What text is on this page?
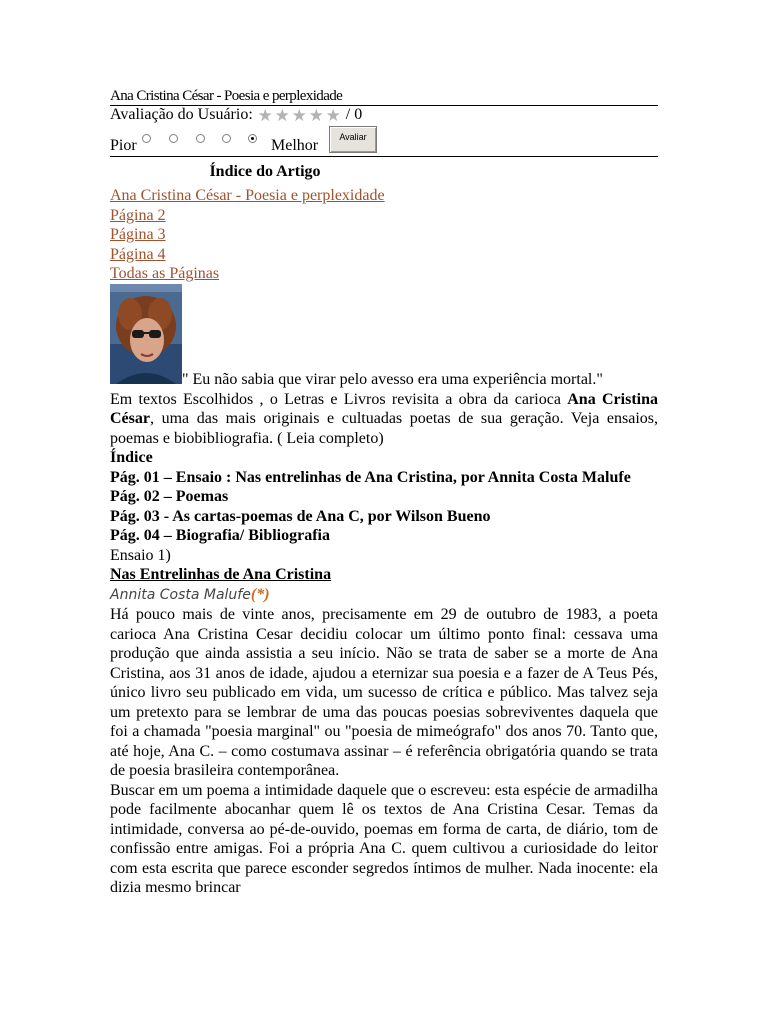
Ana Cristina César - Poesia e perplexidade
Avaliação do Usuário: ★ ★ ★ ★ ★ / 0
Pior	Melhor	Avaliar
Índice do Artigo
Ana Cristina César - Poesia e perplexidade
Página 2
Página 3
Página 4
Todas as Páginas

" Eu não sabia que virar pelo avesso era uma experiência mortal."

Em textos Escolhidos , o Letras e Livros revisita a obra da carioca Ana Cristina César, uma das mais originais e cultuadas poetas de sua geração. Veja ensaios, poemas e biobibliografia. ( Leia completo)

Índice

Pág. 01 – Ensaio : Nas entrelinhas de Ana Cristina, por Annita Costa Malufe

Pág. 02 – Poemas

Pág. 03 - As cartas-poemas de Ana C, por Wilson Bueno

Pág. 04 – Biografia/ Bibliografia

Ensaio 1)

Nas Entrelinhas de Ana Cristina

Annita Costa Malufe(*)

Há pouco mais de vinte anos, precisamente em 29 de outubro de 1983, a poeta carioca Ana Cristina Cesar decidiu colocar um último ponto final: cessava uma produção que ainda assistia a seu início. Não se trata de saber se a morte de Ana Cristina, aos 31 anos de idade, ajudou a eternizar sua poesia e a fazer de A Teus Pés, único livro seu publicado em vida, um sucesso de crítica e público. Mas talvez seja um pretexto para se lembrar de uma das poucas poesias sobreviventes daquela que foi a chamada "poesia marginal" ou "poesia de mimeógrafo" dos anos 70. Tanto que, até hoje, Ana C. – como costumava assinar – é referência obrigatória quando se trata de poesia brasileira contemporânea.

Buscar em um poema a intimidade daquele que o escreveu: esta espécie de armadilha pode facilmente abocanhar quem lê os textos de Ana Cristina Cesar. Temas da intimidade, conversa ao pé-de-ouvido, poemas em forma de carta, de diário, tom de confissão entre amigas. Foi a própria Ana C. quem cultivou a curiosidade do leitor com esta escrita que parece esconder segredos íntimos de mulher. Nada inocente: ela dizia mesmo brincar
